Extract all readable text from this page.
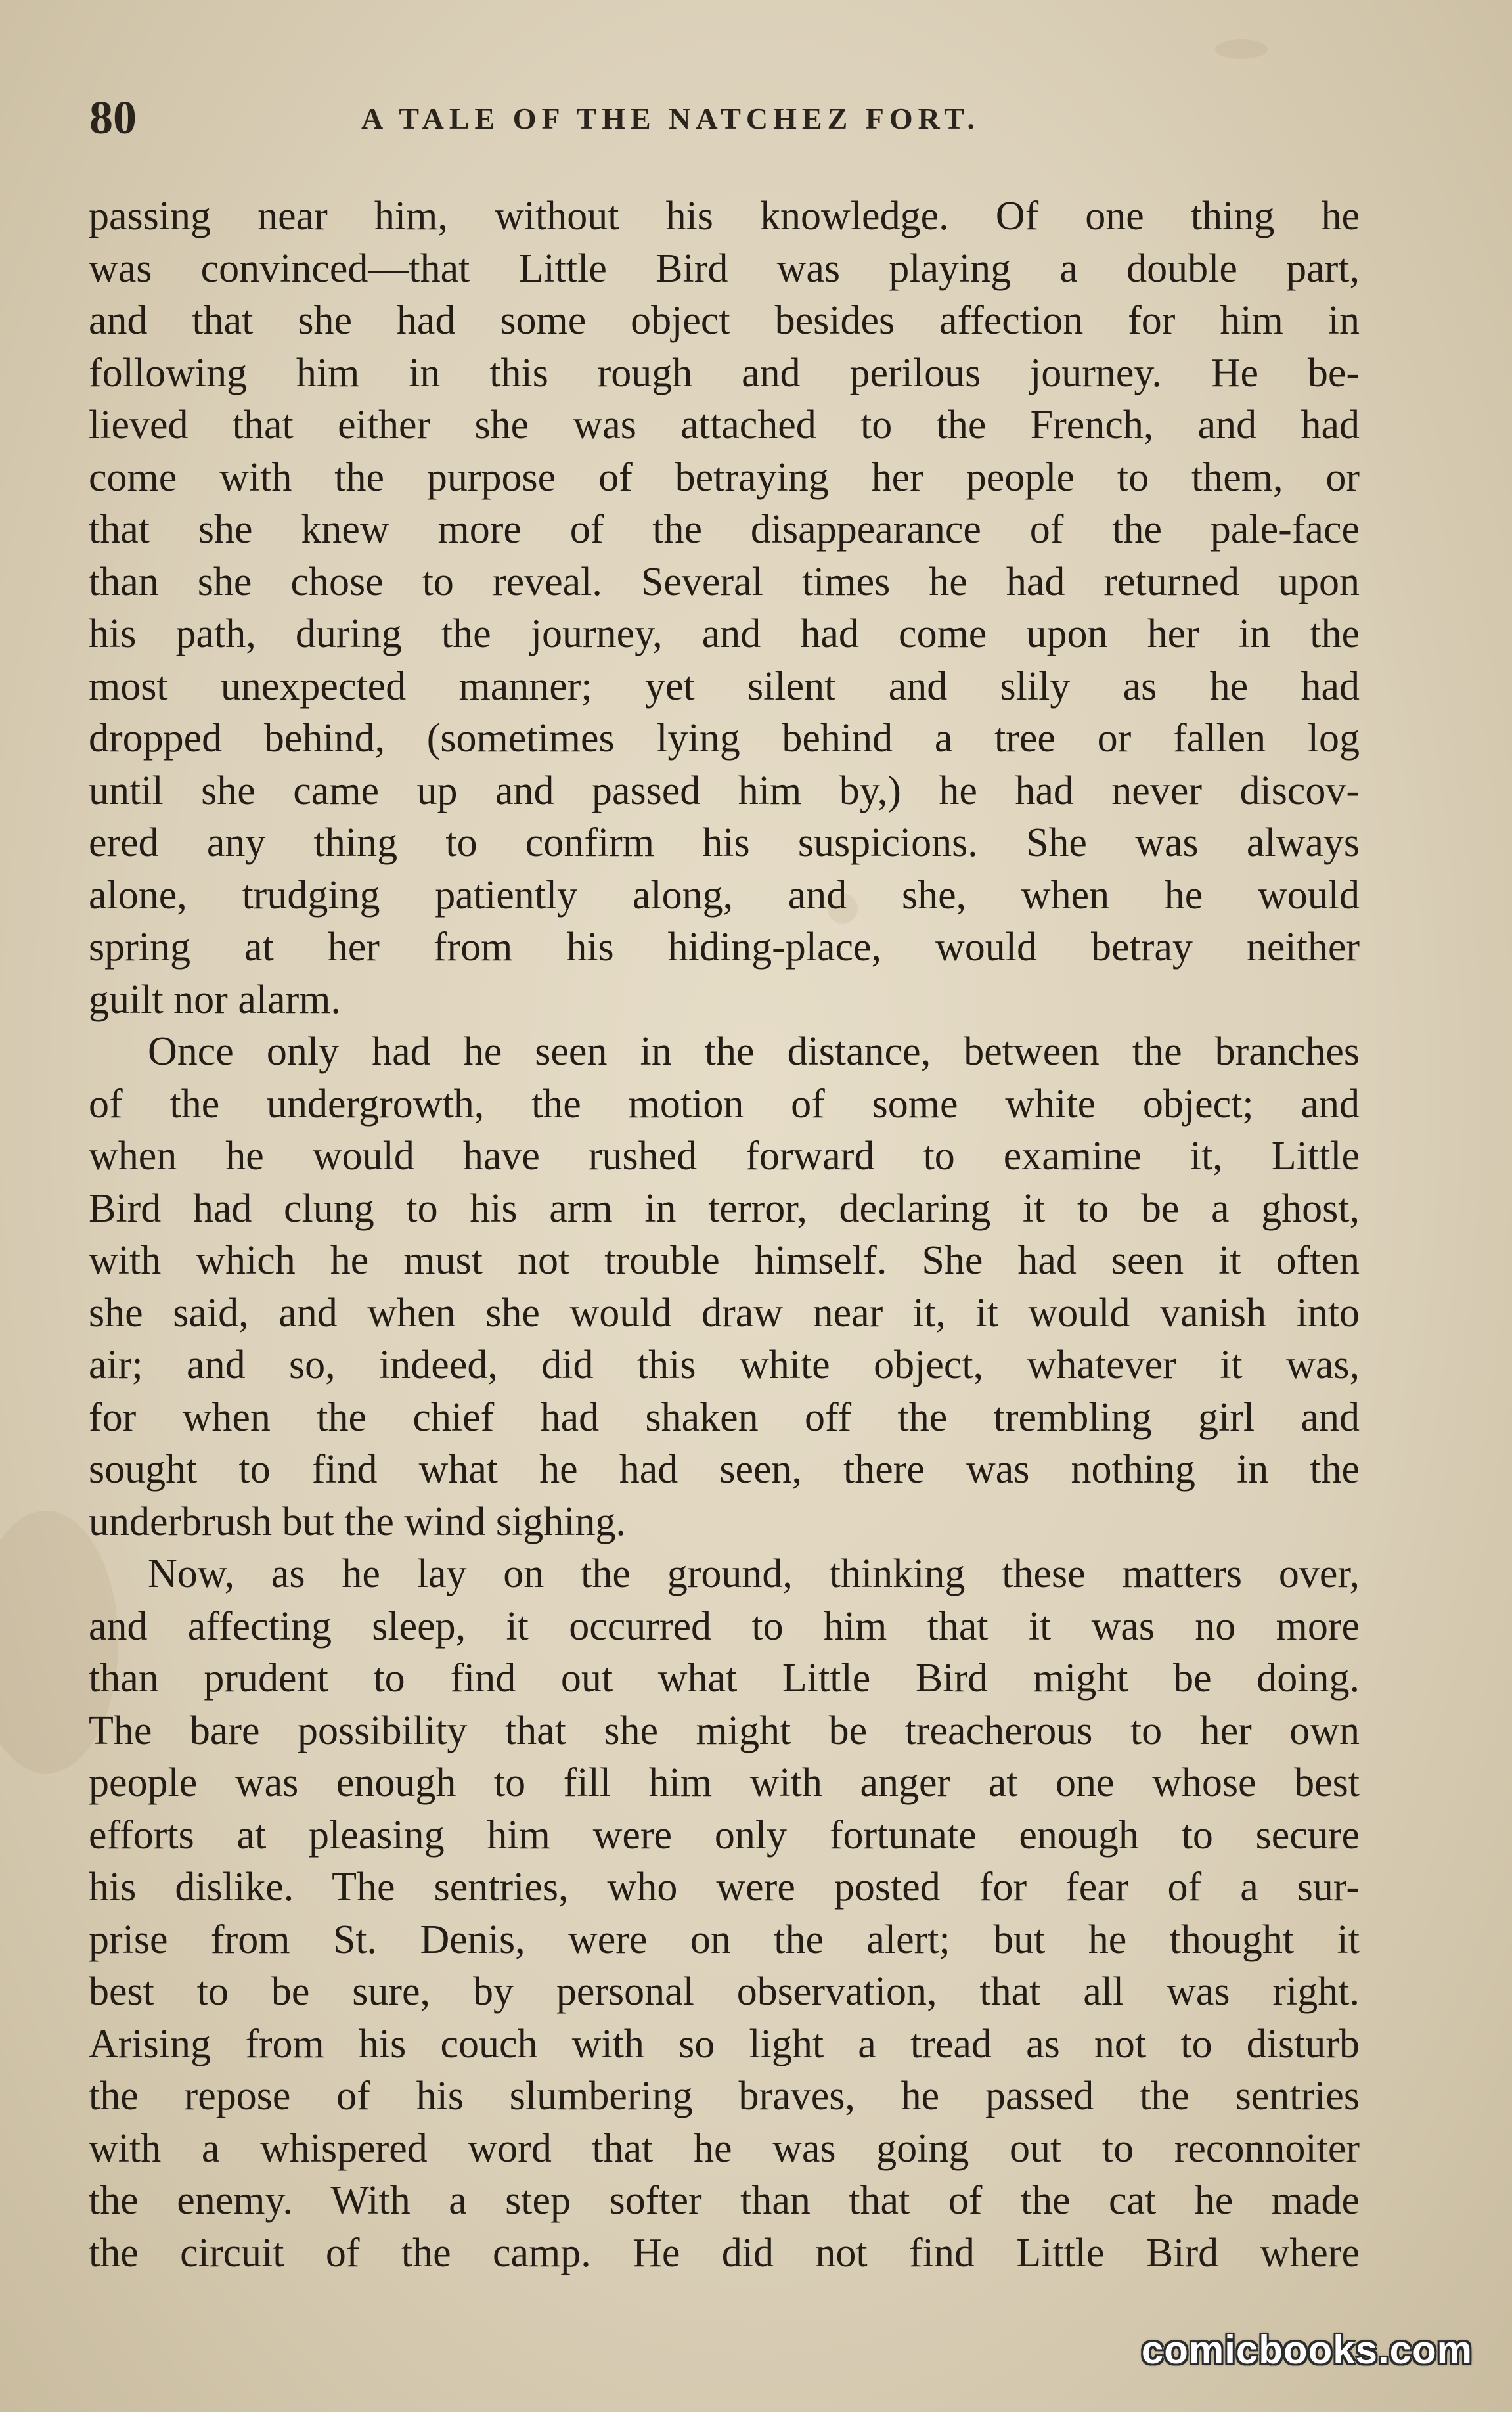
80	A TALE OF THE NATCHEZ FORT.
passing near him, without his knowledge. Of one thing he
was convinced—that Little Bird was playing a double part,
and that she had some object besides affection for him in
following him in this rough and perilous journey. He be-
lieved that either she was attached to the French, and had
come with the purpose of betraying her people to them, or
that she knew more of the disappearance of the pale-face
than she chose to reveal. Several times he had returned upon
his path, during the journey, and had come upon her in the
most unexpected manner; yet silent and slily as he had
dropped behind, (sometimes lying behind a tree or fallen log
until she came up and passed him by,) he had never discov-
ered any thing to confirm his suspicions. She was always
alone, trudging patiently along, and she, when he would
spring at her from his hiding-place, would betray neither
guilt nor alarm.
Once only had he seen in the distance, between the branches
of the undergrowth, the motion of some white object; and
when he would have rushed forward to examine it, Little
Bird had clung to his arm in terror, declaring it to be a ghost,
with which he must not trouble himself. She had seen it often
she said, and when she would draw near it, it would vanish into
air; and so, indeed, did this white object, whatever it was,
for when the chief had shaken off the trembling girl and
sought to find what he had seen, there was nothing in the
underbrush but the wind sighing.
Now, as he lay on the ground, thinking these matters over,
and affecting sleep, it occurred to him that it was no more
than prudent to find out what Little Bird might be doing.
The bare possibility that she might be treacherous to her own
people was enough to fill him with anger at one whose best
efforts at pleasing him were only fortunate enough to secure
his dislike. The sentries, who were posted for fear of a sur-
prise from St. Denis, were on the alert; but he thought it
best to be sure, by personal observation, that all was right.
Arising from his couch with so light a tread as not to disturb
the repose of his slumbering braves, he passed the sentries
with a whispered word that he was going out to reconnoiter
the enemy. With a step softer than that of the cat he made
the circuit of the camp. He did not find Little Bird where
comicbooks.com
